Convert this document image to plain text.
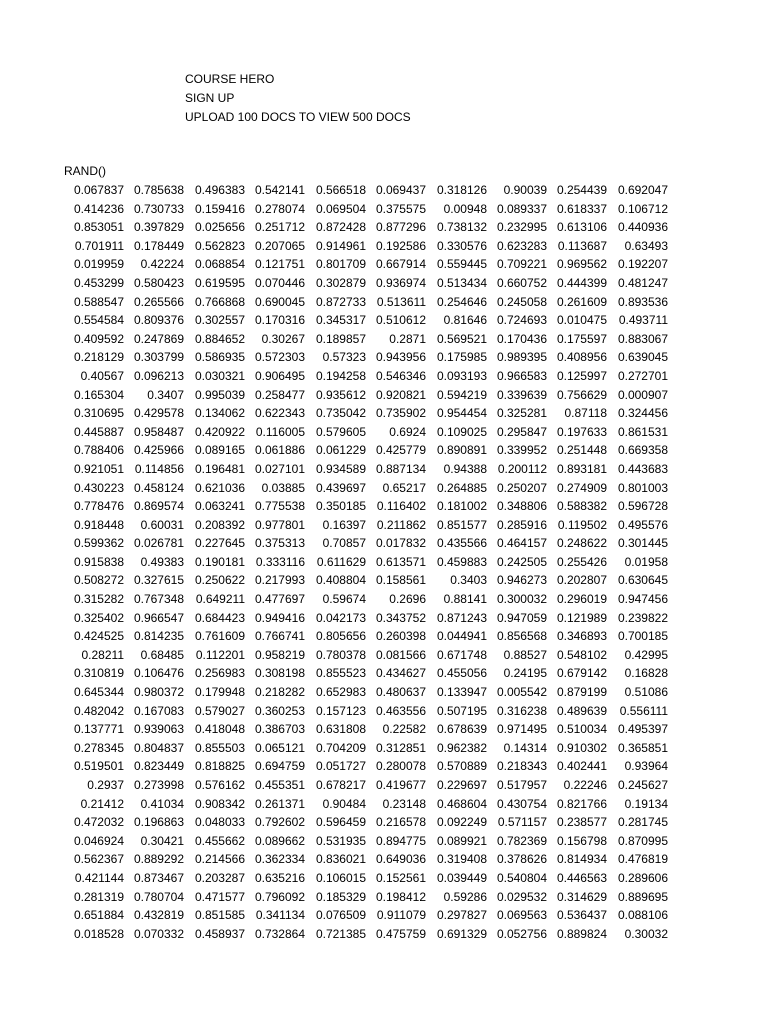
COURSE HERO
SIGN UP
UPLOAD 100 DOCS TO VIEW 500 DOCS
RAND()
0.067837	0.785638	0.496383	0.542141	0.566518	0.069437	0.318126	0.90039	0.254439	0.692047
0.414236	0.730733	0.159416	0.278074	0.069504	0.375575	0.00948	0.089337	0.618337	0.106712
0.853051	0.397829	0.025656	0.251712	0.872428	0.877296	0.738132	0.232995	0.613106	0.440936
0.701911	0.178449	0.562823	0.207065	0.914961	0.192586	0.330576	0.623283	0.113687	0.63493
0.019959	0.42224	0.068854	0.121751	0.801709	0.667914	0.559445	0.709221	0.969562	0.192207
0.453299	0.580423	0.619595	0.070446	0.302879	0.936974	0.513434	0.660752	0.444399	0.481247
0.588547	0.265566	0.766868	0.690045	0.872733	0.513611	0.254646	0.245058	0.261609	0.893536
0.554584	0.809376	0.302557	0.170316	0.345317	0.510612	0.81646	0.724693	0.010475	0.493711
0.409592	0.247869	0.884652	0.30267	0.189857	0.2871	0.569521	0.170436	0.175597	0.883067
0.218129	0.303799	0.586935	0.572303	0.57323	0.943956	0.175985	0.989395	0.408956	0.639045
0.40567	0.096213	0.030321	0.906495	0.194258	0.546346	0.093193	0.966583	0.125997	0.272701
0.165304	0.3407	0.995039	0.258477	0.935612	0.920821	0.594219	0.339639	0.756629	0.000907
0.310695	0.429578	0.134062	0.622343	0.735042	0.735902	0.954454	0.325281	0.87118	0.324456
0.445887	0.958487	0.420922	0.116005	0.579605	0.6924	0.109025	0.295847	0.197633	0.861531
0.788406	0.425966	0.089165	0.061886	0.061229	0.425779	0.890891	0.339952	0.251448	0.669358
0.921051	0.114856	0.196481	0.027101	0.934589	0.887134	0.94388	0.200112	0.893181	0.443683
0.430223	0.458124	0.621036	0.03885	0.439697	0.65217	0.264885	0.250207	0.274909	0.801003
0.778476	0.869574	0.063241	0.775538	0.350185	0.116402	0.181002	0.348806	0.588382	0.596728
0.918448	0.60031	0.208392	0.977801	0.16397	0.211862	0.851577	0.285916	0.119502	0.495576
0.599362	0.026781	0.227645	0.375313	0.70857	0.017832	0.435566	0.464157	0.248622	0.301445
0.915838	0.49383	0.190181	0.333116	0.611629	0.613571	0.459883	0.242505	0.255426	0.01958
0.508272	0.327615	0.250622	0.217993	0.408804	0.158561	0.3403	0.946273	0.202807	0.630645
0.315282	0.767348	0.649211	0.477697	0.59674	0.2696	0.88141	0.300032	0.296019	0.947456
0.325402	0.966547	0.684423	0.949416	0.042173	0.343752	0.871243	0.947059	0.121989	0.239822
0.424525	0.814235	0.761609	0.766741	0.805656	0.260398	0.044941	0.856568	0.346893	0.700185
0.28211	0.68485	0.112201	0.958219	0.780378	0.081566	0.671748	0.88527	0.548102	0.42995
0.310819	0.106476	0.256983	0.308198	0.855523	0.434627	0.455056	0.24195	0.679142	0.16828
0.645344	0.980372	0.179948	0.218282	0.652983	0.480637	0.133947	0.005542	0.879199	0.51086
0.482042	0.167083	0.579027	0.360253	0.157123	0.463556	0.507195	0.316238	0.489639	0.556111
0.137771	0.939063	0.418048	0.386703	0.631808	0.22582	0.678639	0.971495	0.510034	0.495397
0.278345	0.804837	0.855503	0.065121	0.704209	0.312851	0.962382	0.14314	0.910302	0.365851
0.519501	0.823449	0.818825	0.694759	0.051727	0.280078	0.570889	0.218343	0.402441	0.93964
0.2937	0.273998	0.576162	0.455351	0.678217	0.419677	0.229697	0.517957	0.22246	0.245627
0.21412	0.41034	0.908342	0.261371	0.90484	0.23148	0.468604	0.430754	0.821766	0.19134
0.472032	0.196863	0.048033	0.792602	0.596459	0.216578	0.092249	0.571157	0.238577	0.281745
0.046924	0.30421	0.455662	0.089662	0.531935	0.894775	0.089921	0.782369	0.156798	0.870995
0.562367	0.889292	0.214566	0.362334	0.836021	0.649036	0.319408	0.378626	0.814934	0.476819
0.421144	0.873467	0.203287	0.635216	0.106015	0.152561	0.039449	0.540804	0.446563	0.289606
0.281319	0.780704	0.471577	0.796092	0.185329	0.198412	0.59286	0.029532	0.314629	0.889695
0.651884	0.432819	0.851585	0.341134	0.076509	0.911079	0.297827	0.069563	0.536437	0.088106
0.018528	0.070332	0.458937	0.732864	0.721385	0.475759	0.691329	0.052756	0.889824	0.30032
